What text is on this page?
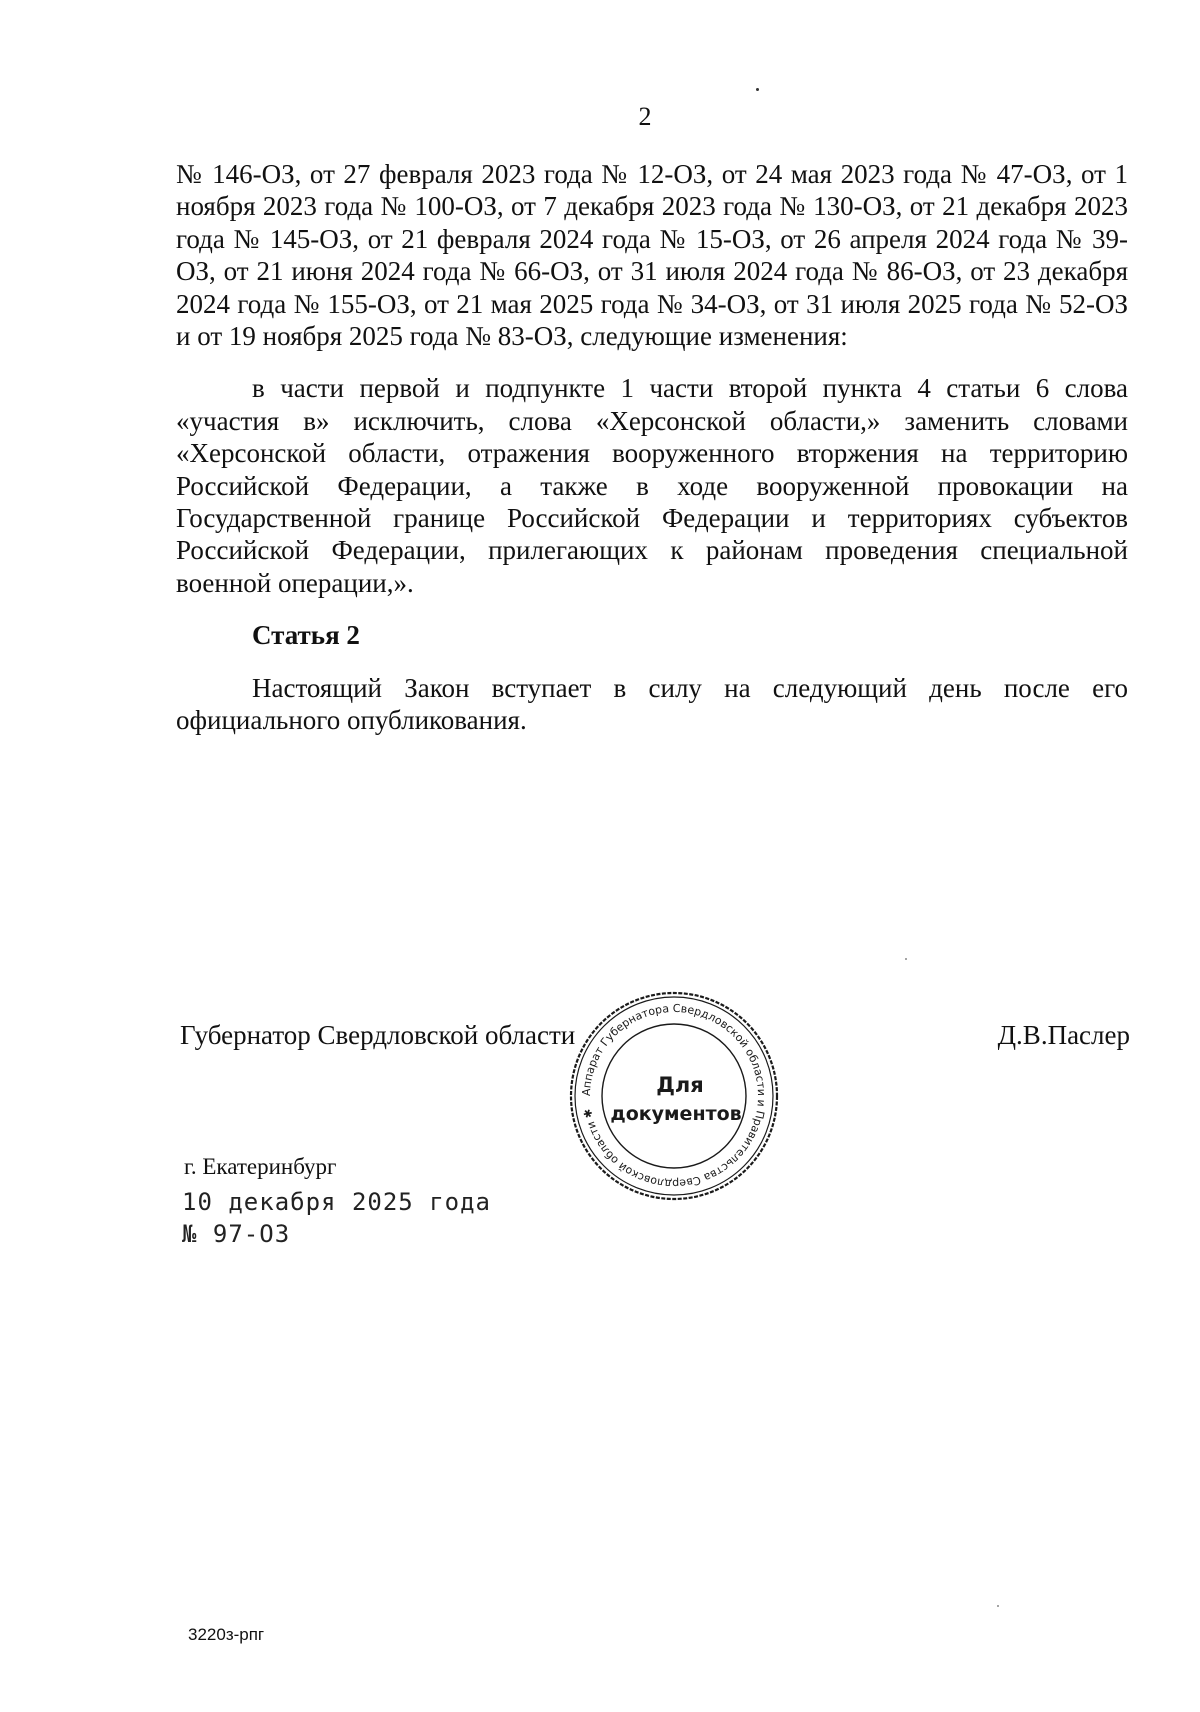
2

№ 146-ОЗ, от 27 февраля 2023 года № 12-ОЗ, от 24 мая 2023 года № 47-ОЗ, от 1 ноября 2023 года № 100-ОЗ, от 7 декабря 2023 года № 130-ОЗ, от 21 декабря 2023 года № 145-ОЗ, от 21 февраля 2024 года № 15-ОЗ, от 26 апреля 2024 года № 39-ОЗ, от 21 июня 2024 года № 66-ОЗ, от 31 июля 2024 года № 86-ОЗ, от 23 декабря 2024 года № 155-ОЗ, от 21 мая 2025 года № 34-ОЗ, от 31 июля 2025 года № 52-ОЗ и от 19 ноября 2025 года № 83-ОЗ, следующие изменения:

в части первой и подпункте 1 части второй пункта 4 статьи 6 слова «участия в» исключить, слова «Херсонской области,» заменить словами «Херсонской области, отражения вооруженного вторжения на территорию Российской Федерации, а также в ходе вооруженной провокации на Государственной границе Российской Федерации и территориях субъектов Российской Федерации, прилегающих к районам проведения специальной военной операции,».

Статья 2

Настоящий Закон вступает в силу на следующий день после его официального опубликования.

Губернатор Свердловской области	Д.В.Паслер
Аппарат Губернатора Свердловской области и Правительства Свердловской области ✱
Для
документов
г. Екатеринбург
10 декабря 2025 года
№ 97-ОЗ
3220з-рпг
